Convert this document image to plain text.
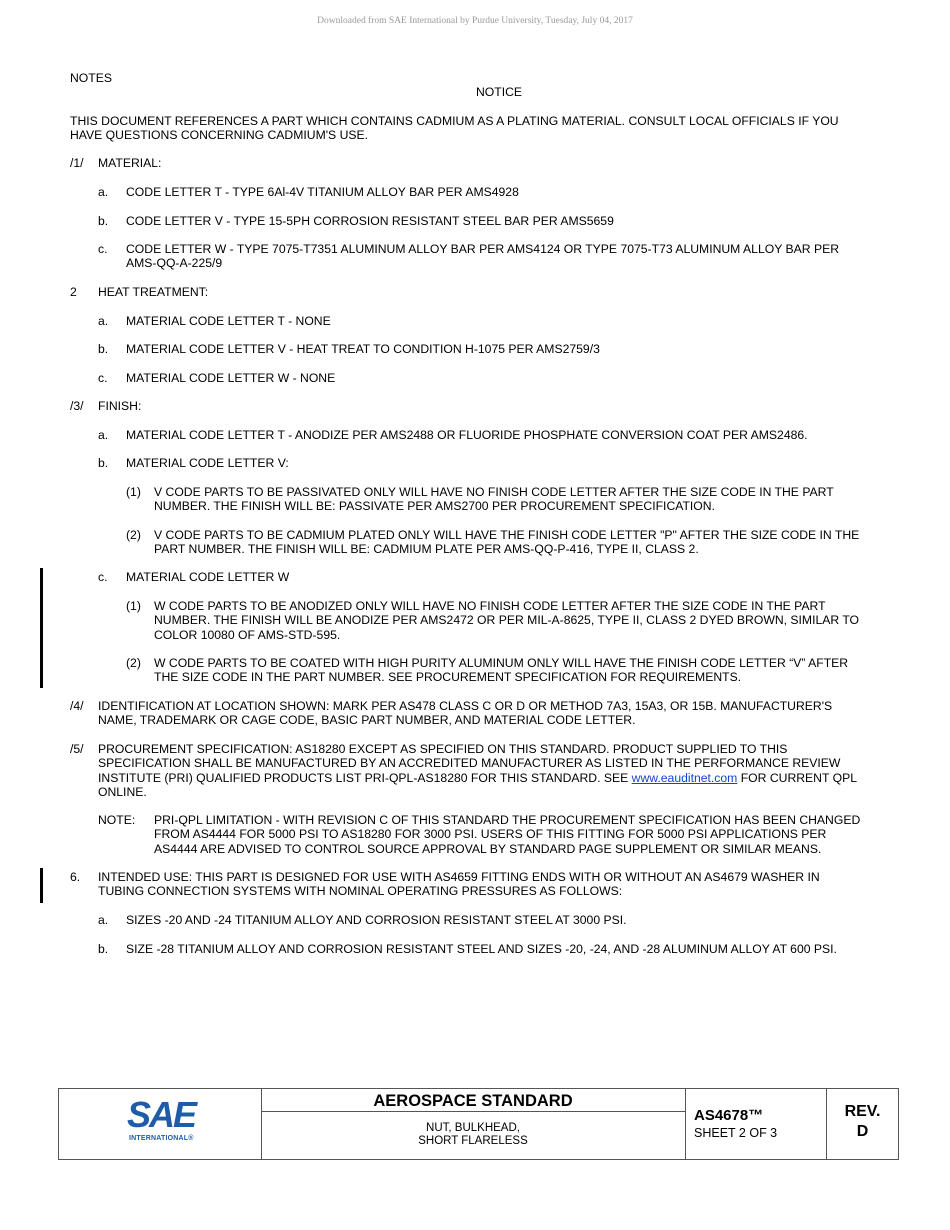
Downloaded from SAE International by Purdue University, Tuesday, July 04, 2017
NOTES
NOTICE
THIS DOCUMENT REFERENCES A PART WHICH CONTAINS CADMIUM AS A PLATING MATERIAL. CONSULT LOCAL OFFICIALS IF YOU
HAVE QUESTIONS CONCERNING CADMIUM'S USE.
/1/ MATERIAL:
a. CODE LETTER T - TYPE 6Al-4V TITANIUM ALLOY BAR PER AMS4928
b. CODE LETTER V - TYPE 15-5PH CORROSION RESISTANT STEEL BAR PER AMS5659
c. CODE LETTER W - TYPE 7075-T7351 ALUMINUM ALLOY BAR PER AMS4124 OR TYPE 7075-T73 ALUMINUM ALLOY BAR PER
AMS-QQ-A-225/9
2 HEAT TREATMENT:
a. MATERIAL CODE LETTER T - NONE
b. MATERIAL CODE LETTER V - HEAT TREAT TO CONDITION H-1075 PER AMS2759/3
c. MATERIAL CODE LETTER W - NONE
/3/ FINISH:
a. MATERIAL CODE LETTER T - ANODIZE PER AMS2488 OR FLUORIDE PHOSPHATE CONVERSION COAT PER AMS2486.
b. MATERIAL CODE LETTER V:
(1) V CODE PARTS TO BE PASSIVATED ONLY WILL HAVE NO FINISH CODE LETTER AFTER THE SIZE CODE IN THE PART
NUMBER. THE FINISH WILL BE: PASSIVATE PER AMS2700 PER PROCUREMENT SPECIFICATION.
(2) V CODE PARTS TO BE CADMIUM PLATED ONLY WILL HAVE THE FINISH CODE LETTER "P" AFTER THE SIZE CODE IN THE
PART NUMBER. THE FINISH WILL BE: CADMIUM PLATE PER AMS-QQ-P-416, TYPE II, CLASS 2.
c. MATERIAL CODE LETTER W
(1) W CODE PARTS TO BE ANODIZED ONLY WILL HAVE NO FINISH CODE LETTER AFTER THE SIZE CODE IN THE PART
NUMBER. THE FINISH WILL BE ANODIZE PER AMS2472 OR PER MIL-A-8625, TYPE II, CLASS 2 DYED BROWN, SIMILAR TO
COLOR 10080 OF AMS-STD-595.
(2) W CODE PARTS TO BE COATED WITH HIGH PURITY ALUMINUM ONLY WILL HAVE THE FINISH CODE LETTER “V” AFTER
THE SIZE CODE IN THE PART NUMBER. SEE PROCUREMENT SPECIFICATION FOR REQUIREMENTS.
/4/ IDENTIFICATION AT LOCATION SHOWN: MARK PER AS478 CLASS C OR D OR METHOD 7A3, 15A3, OR 15B. MANUFACTURER'S
NAME, TRADEMARK OR CAGE CODE, BASIC PART NUMBER, AND MATERIAL CODE LETTER.
/5/ PROCUREMENT SPECIFICATION: AS18280 EXCEPT AS SPECIFIED ON THIS STANDARD. PRODUCT SUPPLIED TO THIS
SPECIFICATION SHALL BE MANUFACTURED BY AN ACCREDITED MANUFACTURER AS LISTED IN THE PERFORMANCE REVIEW
INSTITUTE (PRI) QUALIFIED PRODUCTS LIST PRI-QPL-AS18280 FOR THIS STANDARD. SEE www.eauditnet.com FOR CURRENT QPL
ONLINE.
NOTE: PRI-QPL LIMITATION - WITH REVISION C OF THIS STANDARD THE PROCUREMENT SPECIFICATION HAS BEEN CHANGED
FROM AS4444 FOR 5000 PSI TO AS18280 FOR 3000 PSI. USERS OF THIS FITTING FOR 5000 PSI APPLICATIONS PER
AS4444 ARE ADVISED TO CONTROL SOURCE APPROVAL BY STANDARD PAGE SUPPLEMENT OR SIMILAR MEANS.
6. INTENDED USE: THIS PART IS DESIGNED FOR USE WITH AS4659 FITTING ENDS WITH OR WITHOUT AN AS4679 WASHER IN
TUBING CONNECTION SYSTEMS WITH NOMINAL OPERATING PRESSURES AS FOLLOWS:
a. SIZES -20 AND -24 TITANIUM ALLOY AND CORROSION RESISTANT STEEL AT 3000 PSI.
b. SIZE -28 TITANIUM ALLOY AND CORROSION RESISTANT STEEL AND SIZES -20, -24, AND -28 ALUMINUM ALLOY AT 600 PSI.
SAE
INTERNATIONAL®
AEROSPACE STANDARD
NUT, BULKHEAD,
SHORT FLARELESS
AS4678™
SHEET 2 OF 3
REV.
D
